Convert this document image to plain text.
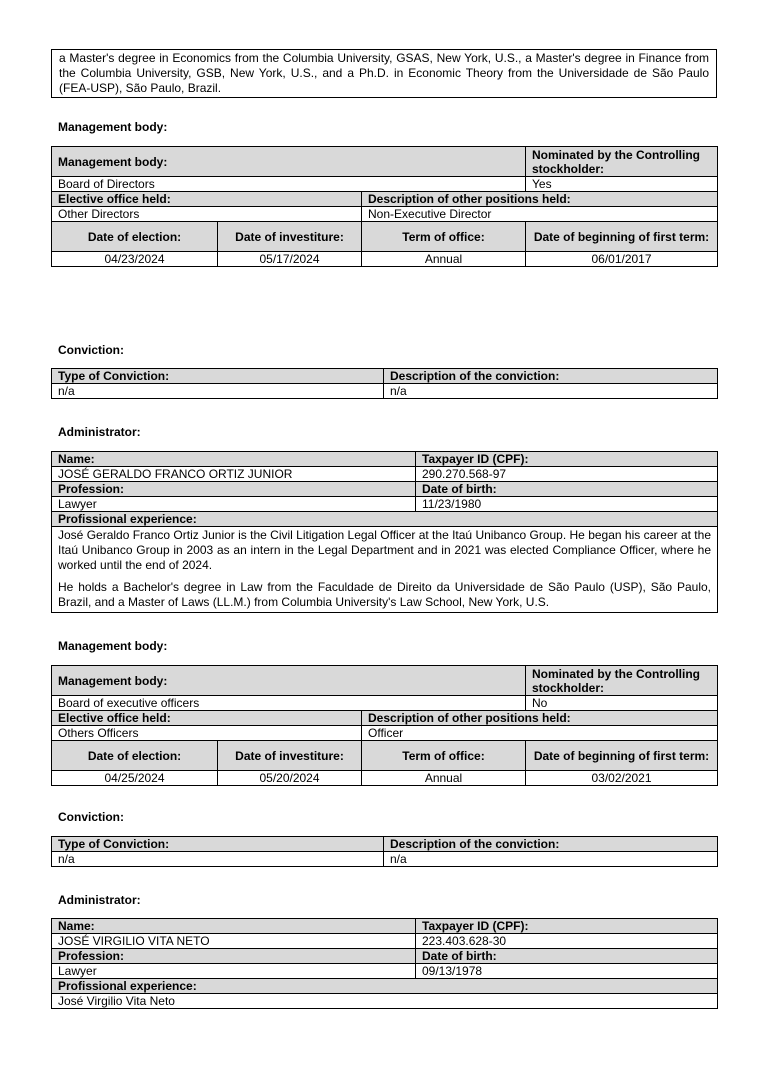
a Master's degree in Economics from the Columbia University, GSAS, New York, U.S., a Master's degree in Finance from the Columbia University, GSB, New York, U.S., and a Ph.D. in Economic Theory from the Universidade de São Paulo (FEA-USP), São Paulo, Brazil.
Management body:
Management body:			Nominated by the Controlling stockholder:
Board of Directors			Yes
Elective office held:		Description of other positions held:	
Other Directors		Non-Executive Director	
Date of election:	Date of investiture:	Term of office:	Date of beginning of first term:
04/23/2024	05/17/2024	Annual	06/01/2017
Conviction:
Type of Conviction:	Description of the conviction:
n/a	n/a
Administrator:
Name:	Taxpayer ID (CPF):
JOSÉ GERALDO FRANCO ORTIZ JUNIOR	290.270.568-97
Profession:	Date of birth:
Lawyer	11/23/1980
Profissional experience:	

José Geraldo Franco Ortiz Junior is the Civil Litigation Legal Officer at the Itaú Unibanco Group. He began his career at the Itaú Unibanco Group in 2003 as an intern in the Legal Department and in 2021 was elected Compliance Officer, where he worked until the end of 2024.

He holds a Bachelor's degree in Law from the Faculdade de Direito da Universidade de São Paulo (USP), São Paulo, Brazil, and a Master of Laws (LL.M.) from Columbia University's Law School, New York, U.S.	

Management body:
Management body:			Nominated by the Controlling stockholder:
Board of executive officers			No
Elective office held:		Description of other positions held:	
Others Officers		Officer	
Date of election:	Date of investiture:	Term of office:	Date of beginning of first term:
04/25/2024	05/20/2024	Annual	03/02/2021
Conviction:
Type of Conviction:	Description of the conviction:
n/a	n/a
Administrator:
Name:	Taxpayer ID (CPF):
JOSÉ VIRGILIO VITA NETO	223.403.628-30
Profession:	Date of birth:
Lawyer	09/13/1978
Profissional experience:	
José Virgilio Vita Neto	
